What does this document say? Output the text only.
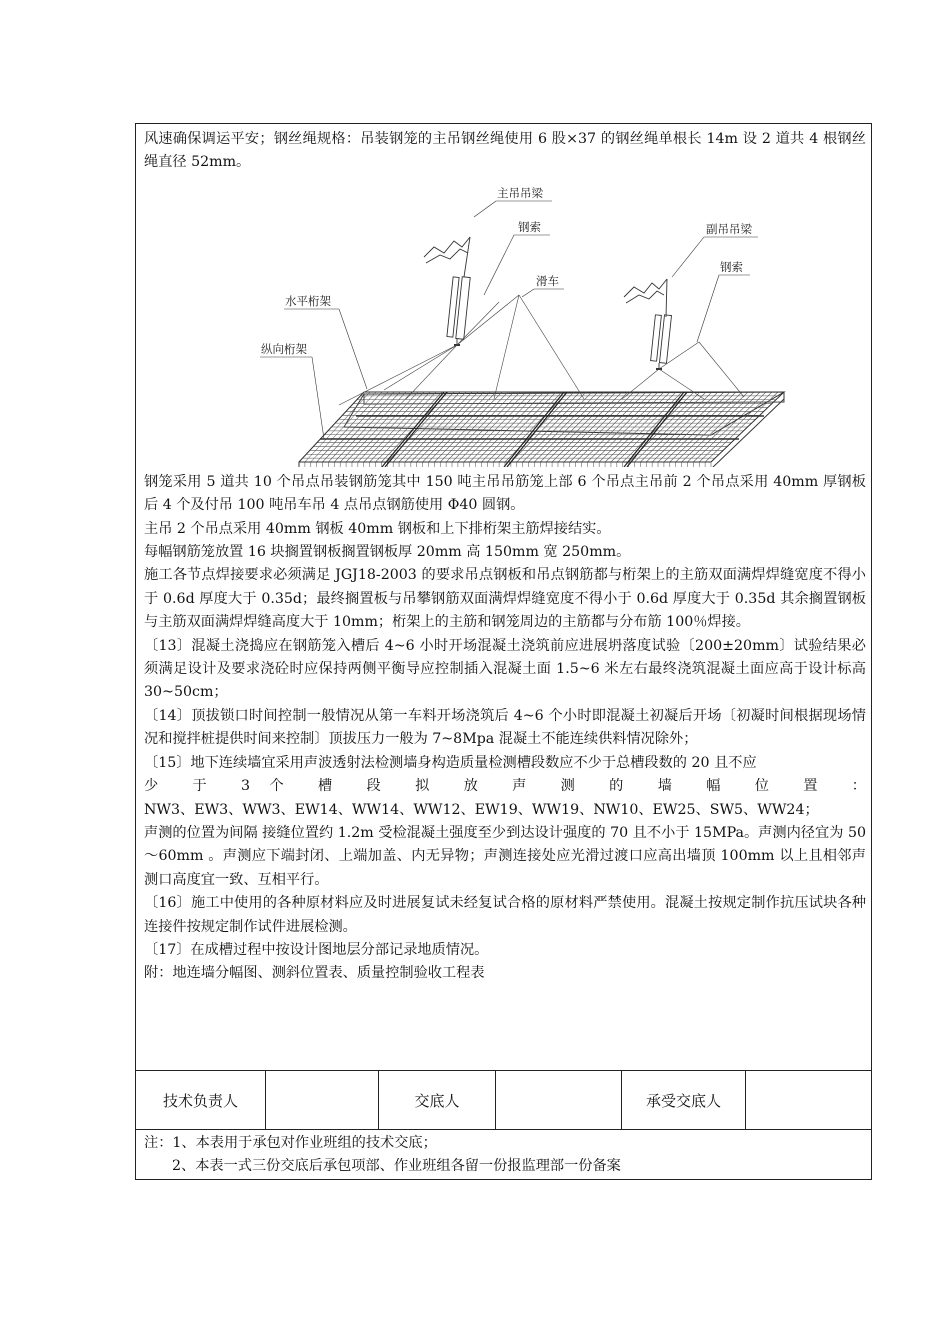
风速确保调运平安；钢丝绳规格：吊装钢笼的主吊钢丝绳使用 6 股×37 的钢丝绳单根长 14m 设 2 道共 4 根钢丝绳直径 52mm。

主吊吊梁
钢索	副吊吊梁
钢索
滑车
水平桁架
纵向桁架

钢笼采用 5 道共 10 个吊点吊装钢筋笼其中 150 吨主吊吊筋笼上部 6 个吊点主吊前 2 个吊点采用 40mm 厚钢板后 4 个及付吊 100 吨吊车吊 4 点吊点钢筋使用 Φ40 圆钢。

主吊 2 个吊点采用 40mm 钢板 40mm 钢板和上下排桁架主筋焊接结实。

每幅钢筋笼放置 16 块搁置钢板搁置钢板厚 20mm 高 150mm 宽 250mm。

施工各节点焊接要求必须满足 JGJ18-2003 的要求吊点钢板和吊点钢筋都与桁架上的主筋双面满焊焊缝宽度不得小于 0.6d 厚度大于 0.35d；最终搁置板与吊攀钢筋双面满焊焊缝宽度不得小于 0.6d 厚度大于 0.35d 其余搁置钢板与主筋双面满焊焊缝高度大于 10mm；桁架上的主筋和钢笼周边的主筋都与分布筋 100％焊接。

〔13〕混凝土浇捣应在钢筋笼入槽后 4~6 小时开场混凝土浇筑前应进展坍落度试验〔200±20mm〕试验结果必须满足设计及要求浇砼时应保持两侧平衡导应控制插入混凝土面 1.5~6 米左右最终浇筑混凝土面应高于设计标高 30~50cm；

〔14〕顶拔锁口时间控制一般情况从第一车料开场浇筑后 4~6 个小时即混凝土初凝后开场〔初凝时间根据现场情况和搅拌桩提供时间来控制〕顶拔压力一般为 7~8Mpa 混凝土不能连续供料情况除外；

〔15〕地下连续墙宜采用声波透射法检测墙身构造质量检测槽段数应不少于总槽段数的 20 且不应

少 于 3 个 槽 段 拟 放 声 测 的 墙 幅 位 置 ：

NW3、EW3、WW3、EW14、WW14、WW12、EW19、WW19、NW10、EW25、SW5、WW24；

声测的位置为间隔 接缝位置约 1.2m 受检混凝土强度至少到达设计强度的 70 且不小于 15MPa。声测内径宜为 50～60mm 。声测应下端封闭、上端加盖、内无异物；声测连接处应光滑过渡口应高出墙顶 100mm 以上且相邻声测口高度宜一致、互相平行。

〔16〕施工中使用的各种原材料应及时进展复试未经复试合格的原材料严禁使用。混凝土按规定制作抗压试块各种连接件按规定制作试件进展检测。

〔17〕在成槽过程中按设计图地层分部记录地质情况。

附：地连墙分幅图、测斜位置表、质量控制验收工程表

技术负责人	交底人	承受交底人

注：1、本表用于承包对作业班组的技术交底；

2、本表一式三份交底后承包项部、作业班组各留一份报监理部一份备案
